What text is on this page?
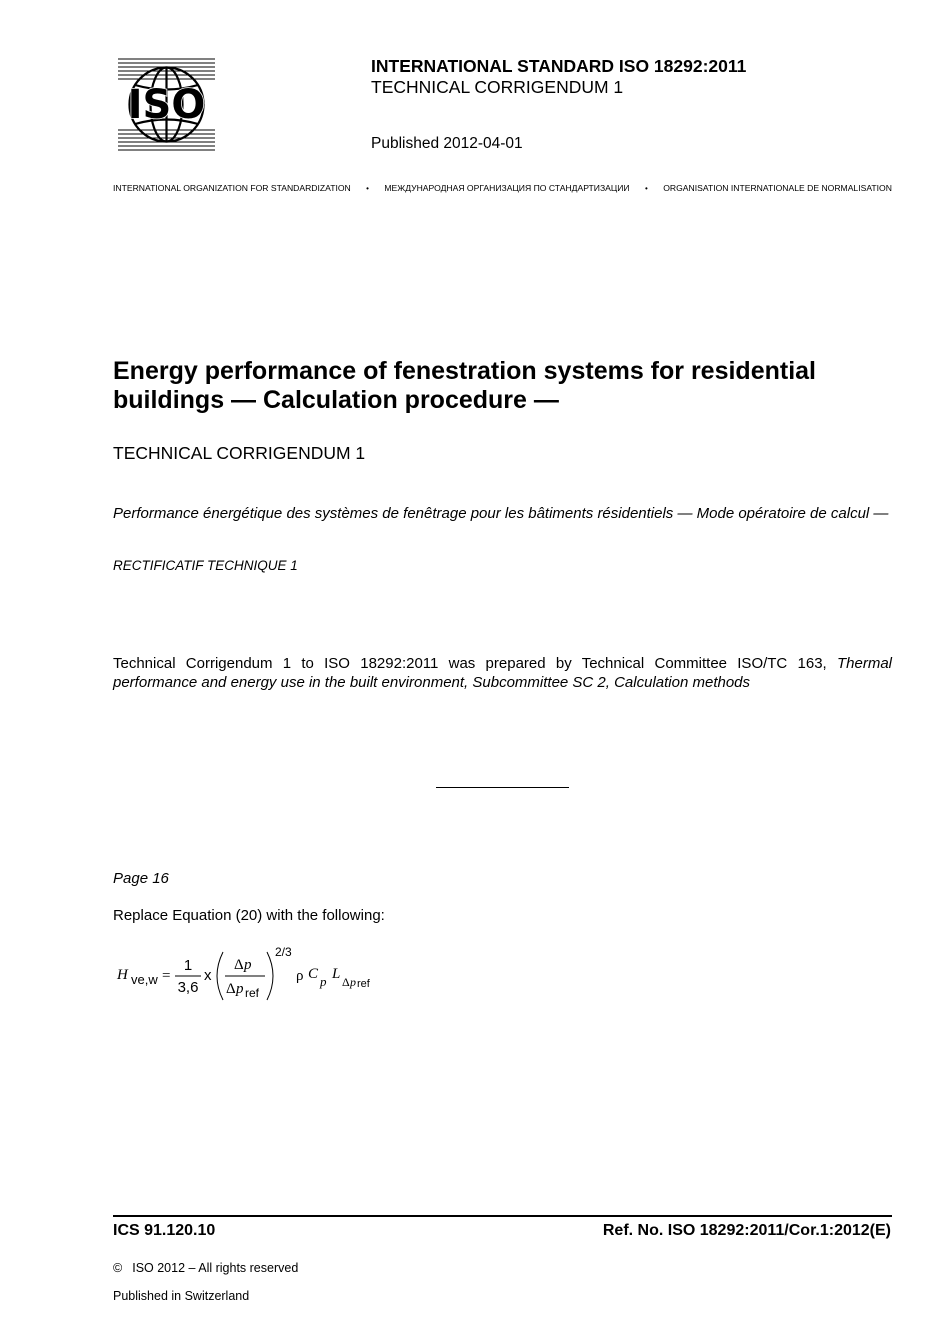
ISO
INTERNATIONAL STANDARD ISO 18292:2011
TECHNICAL CORRIGENDUM 1
Published 2012-04-01
INTERNATIONAL ORGANIZATION FOR STANDARDIZATION • МЕЖДУНАРОДНАЯ ОРГАНИЗАЦИЯ ПО СТАНДАРТИЗАЦИИ • ORGANISATION INTERNATIONALE DE NORMALISATION
Energy performance of fenestration systems for residential
buildings — Calculation procedure —
TECHNICAL CORRIGENDUM 1
Performance énergétique des systèmes de fenêtrage pour les bâtiments résidentiels — Mode opératoire de calcul —
RECTIFICATIF TECHNIQUE 1
Technical Corrigendum 1 to ISO 18292:2011 was prepared by Technical Committee ISO/TC 163, Thermal performance and energy use in the built environment, Subcommittee SC 2, Calculation methods
Page 16
Replace Equation (20) with the following:
H ve,w =
1
3,6
x
Δ p
Δ p ref
2/3
ρ C p L Δ p ref
ICS 91.120.10	Ref. No. ISO 18292:2011/Cor.1:2012(E)
© ISO 2012 – All rights reserved
Published in Switzerland
